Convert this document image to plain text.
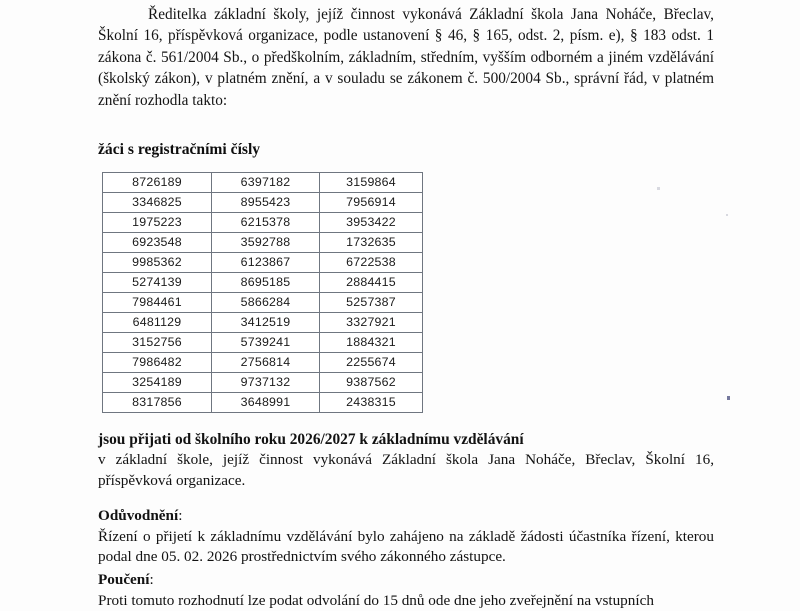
Ředitelka základní školy, jejíž činnost vykonává Základní škola Jana Noháče, Břeclav, Školní 16, příspěvková organizace, podle ustanovení § 46, § 165, odst. 2, písm. e), § 183 odst. 1 zákona č. 561/2004 Sb., o předškolním, základním, středním, vyšším odborném a jiném vzdělávání (školský zákon), v platném znění, a v souladu se zákonem č. 500/2004 Sb., správní řád, v platném znění rozhodla takto:

žáci s registračními čísly
8726189	6397182	3159864
3346825	8955423	7956914
1975223	6215378	3953422
6923548	3592788	1732635
9985362	6123867	6722538
5274139	8695185	2884415
7984461	5866284	5257387
6481129	3412519	3327921
3152756	5739241	1884321
7986482	2756814	2255674
3254189	9737132	9387562
8317856	3648991	2438315
jsou přijati od školního roku 2026/2027 k základnímu vzdělávání
v základní škole, jejíž činnost vykonává Základní škola Jana Noháče, Břeclav, Školní 16, příspěvková organizace.
Odůvodnění:
Řízení o přijetí k základnímu vzdělávání bylo zahájeno na základě žádosti účastníka řízení, kterou podal dne 05. 02. 2026 prostřednictvím svého zákonného zástupce.
Poučení:
Proti tomuto rozhodnutí lze podat odvolání do 15 dnů ode dne jeho zveřejnění na vstupních
